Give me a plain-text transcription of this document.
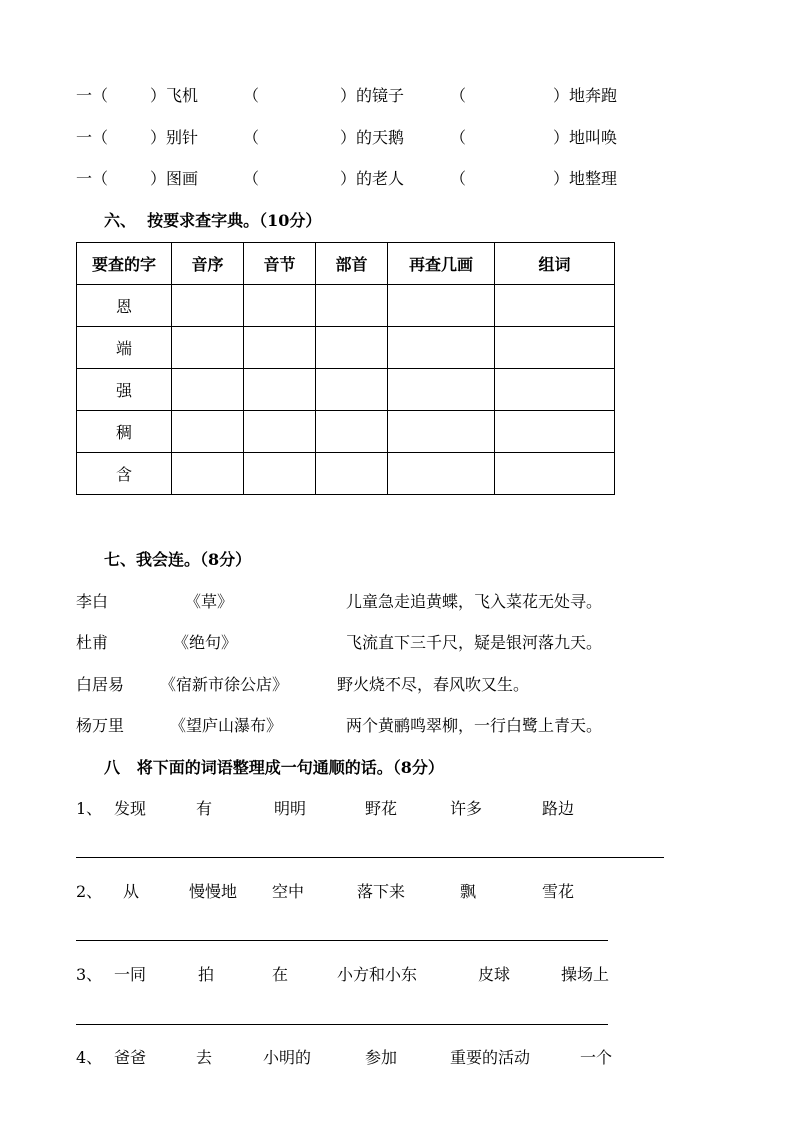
一（	）飞机	（	）的镜子	（	）地奔跑
一（	）别针	（	）的天鹅	（	）地叫唤
一（	）图画	（	）的老人	（	）地整理
六、  按要求查字典。（10分）
要查的字	音序	音节	部首	再查几画	组词
恩					
端					
强					
稠					
含					
七、我会连。（8分）
李白	《草》	儿童急走追黄蝶，飞入菜花无处寻。
杜甫	《绝句》	飞流直下三千尺，疑是银河落九天。
白居易 《宿新市徐公店》	野火烧不尽，春风吹又生。
杨万里	《望庐山瀑布》	两个黄鹂鸣翠柳，一行白鹭上青天。
八   将下面的词语整理成一句通顺的话。（8分）
1、 发现	有	明明	野花	许多	路边
2、 从	慢慢地 空中	落下来	飘	雪花
3、 一同	拍	在	小方和小东	皮球	操场上
4、 爸爸	去	小明的	参加	重要的活动	一个
